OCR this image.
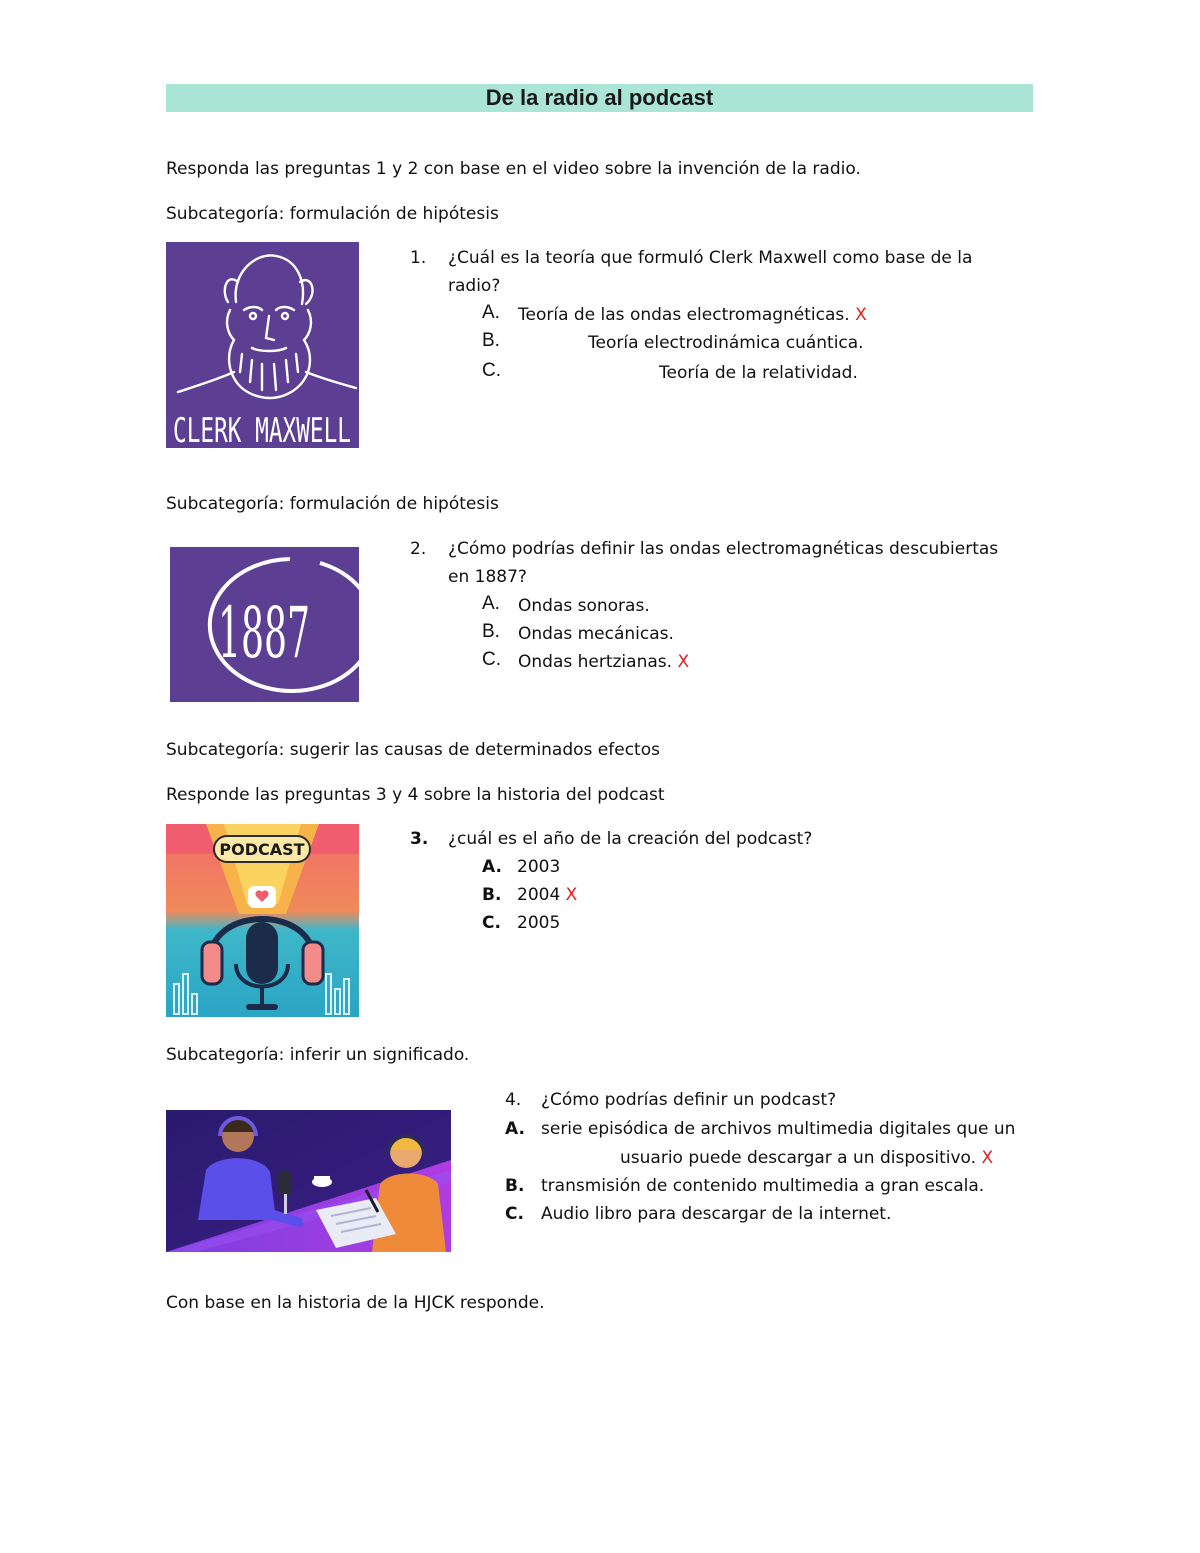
De la radio al podcast
Responda las preguntas 1 y 2 con base en el video sobre la invención de la radio.
Subcategoría: formulación de hipótesis
CLERK MAXWELL
1. ¿Cuál es la teoría que formuló Clerk Maxwell como base de la
radio?
A. Teoría de las ondas electromagnéticas. X
B.	Teoría electrodinámica cuántica.
C.	Teoría de la relatividad.
Subcategoría: formulación de hipótesis
1887
2. ¿Cómo podrías definir las ondas electromagnéticas descubiertas
en 1887?
A. Ondas sonoras.
B. Ondas mecánicas.
C. Ondas hertzianas. X
Subcategoría: sugerir las causas de determinados efectos
Responde las preguntas 3 y 4 sobre la historia del podcast
PODCAST
3. ¿cuál es el año de la creación del podcast?
A. 2003
B. 2004 X
C. 2005
Subcategoría: inferir un significado.
4. ¿Cómo podrías definir un podcast?
A. serie episódica de archivos multimedia digitales que un
usuario puede descargar a un dispositivo. X
B. transmisión de contenido multimedia a gran escala.
C. Audio libro para descargar de la internet.
Con base en la historia de la HJCK responde.
